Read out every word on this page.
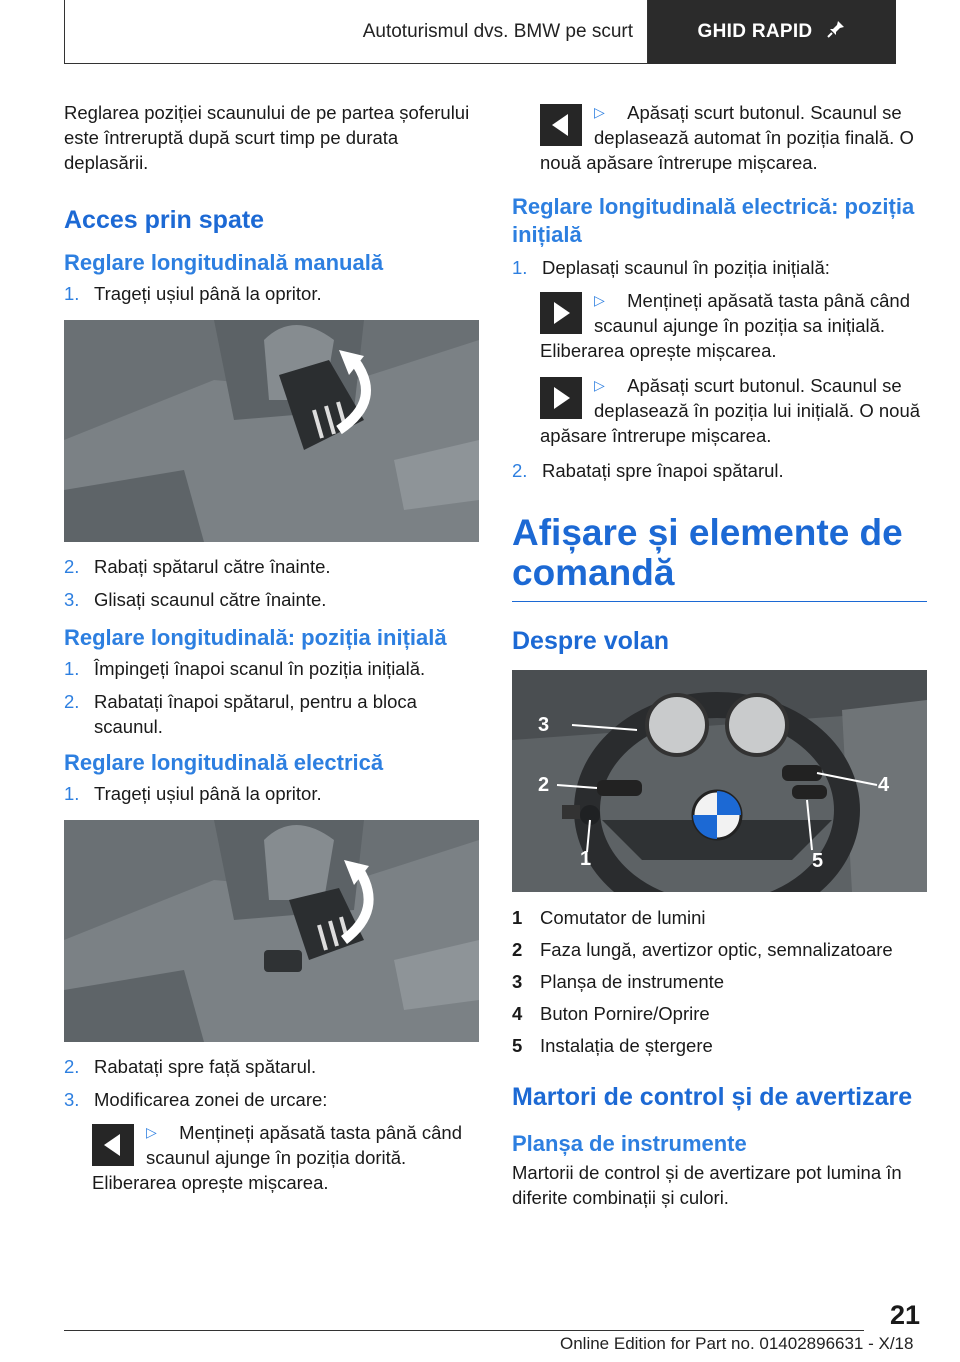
Autoturismul dvs. BMW pe scurt	GHID RAPID

Reglarea poziției scaunului de pe partea șoferului este întreruptă după scurt timp pe durata deplasării.

Acces prin spate
Reglare longitudinală manuală
1. Trageți ușiul până la opritor.
2. Rabați spătarul către înainte.
3. Glisați scaunul către înainte.
Reglare longitudinală: poziția inițială
1. Împingeți înapoi scanul în poziția inițială.
2. Rabatați înapoi spătarul, pentru a bloca scaunul.
Reglare longitudinală electrică
1. Trageți ușiul până la opritor.
2. Rabatați spre față spătarul.
3. Modificarea zonei de urcare:
▷ Mențineți apăsată tasta până când scaunul ajunge în poziția dorită. Eliberarea oprește mișcarea.
▷ Apăsați scurt butonul. Scaunul se deplasează automat în poziția finală. O nouă apăsare întrerupe mișcarea.
Reglare longitudinală electrică: poziția inițială
1. Deplasați scaunul în poziția inițială:
▷ Mențineți apăsată tasta până când scaunul ajunge în poziția sa inițială. Eliberarea oprește mișcarea.
▷ Apăsați scurt butonul. Scaunul se deplasează în poziția lui inițială. O nouă apăsare întrerupe mișcarea.
2. Rabatați spre înapoi spătarul.
Afișare și elemente de comandă
Despre volan
3
2
1
4
5
1 Comutator de lumini
2 Faza lungă, avertizor optic, semnalizatoare
3 Planșa de instrumente
4 Buton Pornire/Oprire
5 Instalația de ștergere
Martori de control și de avertizare
Planșa de instrumente

Martorii de control și de avertizare pot lumina în diferite combinații și culori.

21
Online Edition for Part no. 01402896631 - X/18
